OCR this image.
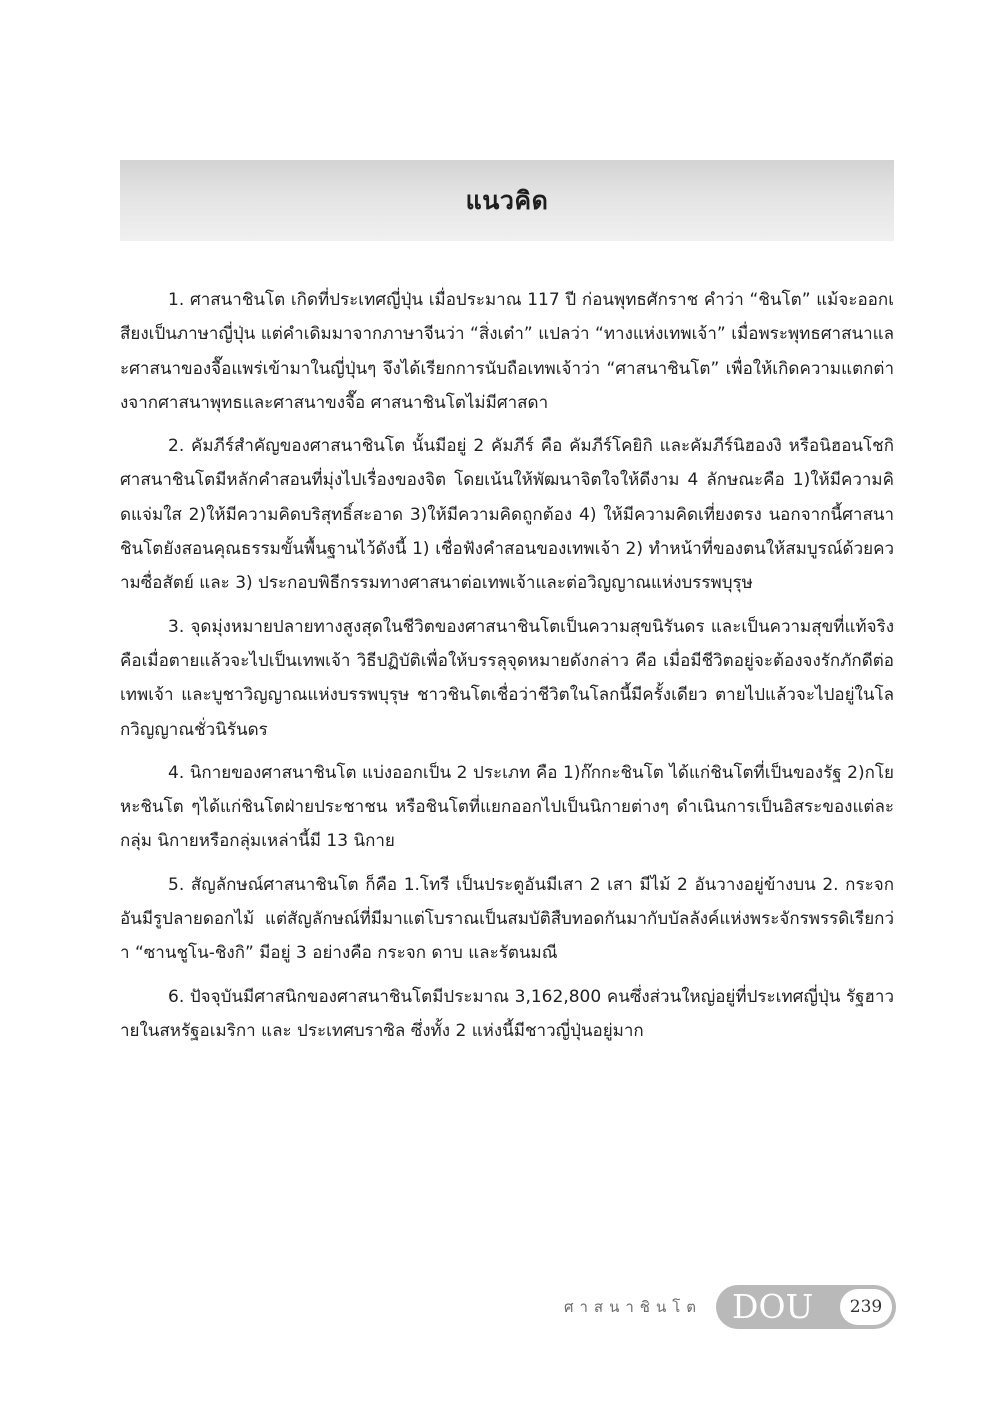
แนวคิด

1. ศาสนาชินโต เกิดที่ประเทศญี่ปุ่น เมื่อประมาณ 117 ปี ก่อนพุทธศักราช คำว่า “ชินโต” แม้จะออกเสียงเป็นภาษาญี่ปุ่น แต่คำเดิมมาจากภาษาจีนว่า “สิ่งเต๋า” แปลว่า “ทางแห่งเทพเจ้า” เมื่อพระพุทธศาสนาและศาสนาของจื๊อแพร่เข้ามาในญี่ปุ่นๆ จึงได้เรียกการนับถือเทพเจ้าว่า “ศาสนาชินโต” เพื่อให้เกิดความแตกต่างจากศาสนาพุทธและศาสนาขงจื๊อ ศาสนาชินโตไม่มีศาสดา

2. คัมภีร์สำคัญของศาสนาชินโต นั้นมีอยู่ 2 คัมภีร์ คือ คัมภีร์โคยิกิ และคัมภีร์นิฮองงิ หรือนิฮอนโชกิ ศาสนาชินโตมีหลักคำสอนที่มุ่งไปเรื่องของจิต โดยเน้นให้พัฒนาจิตใจให้ดีงาม 4 ลักษณะคือ 1)ให้มีความคิดแจ่มใส 2)ให้มีความคิดบริสุทธิ์สะอาด 3)ให้มีความคิดถูกต้อง 4) ให้มีความคิดเที่ยงตรง นอกจากนี้ศาสนาชินโตยังสอนคุณธรรมขั้นพื้นฐานไว้ดังนี้ 1) เชื่อฟังคำสอนของเทพเจ้า 2) ทำหน้าที่ของตนให้สมบูรณ์ด้วยความซื่อสัตย์ และ 3) ประกอบพิธีกรรมทางศาสนาต่อเทพเจ้าและต่อวิญญาณแห่งบรรพบุรุษ

3. จุดมุ่งหมายปลายทางสูงสุดในชีวิตของศาสนาชินโตเป็นความสุขนิรันดร และเป็นความสุขที่แท้จริง คือเมื่อตายแล้วจะไปเป็นเทพเจ้า วิธีปฏิบัติเพื่อให้บรรลุจุดหมายดังกล่าว คือ เมื่อมีชีวิตอยู่จะต้องจงรักภักดีต่อเทพเจ้า และบูชาวิญญาณแห่งบรรพบุรุษ ชาวชินโตเชื่อว่าชีวิตในโลกนี้มีครั้งเดียว ตายไปแล้วจะไปอยู่ในโลกวิญญาณชั่วนิรันดร

4. นิกายของศาสนาชินโต แบ่งออกเป็น 2 ประเภท คือ 1)ก๊กกะชินโต ได้แก่ชินโตที่เป็นของรัฐ 2)กโยหะชินโต ๆได้แก่ชินโตฝ่ายประชาชน หรือชินโตที่แยกออกไปเป็นนิกายต่างๆ ดำเนินการเป็นอิสระของแต่ละกลุ่ม นิกายหรือกลุ่มเหล่านี้มี 13 นิกาย

5. สัญลักษณ์ศาสนาชินโต ก็คือ 1.โทรี เป็นประตูอันมีเสา 2 เสา มีไม้ 2 อันวางอยู่ข้างบน 2. กระจก อันมีรูปลายดอกไม้ แต่สัญลักษณ์ที่มีมาแต่โบราณเป็นสมบัติสืบทอดกันมากับบัลลังค์แห่งพระจักรพรรดิเรียกว่า “ซานชูโน-ชิงกิ” มีอยู่ 3 อย่างคือ กระจก ดาบ และรัตนมณี

6. ปัจจุบันมีศาสนิกของศาสนาชินโตมีประมาณ 3,162,800 คนซึ่งส่วนใหญ่อยู่ที่ประเทศญี่ปุ่น รัฐฮาวายในสหรัฐอเมริกา และ ประเทศบราซิล ซึ่งทั้ง 2 แห่งนี้มีชาวญี่ปุ่นอยู่มาก

ศาสนาชินโต DOU	239
